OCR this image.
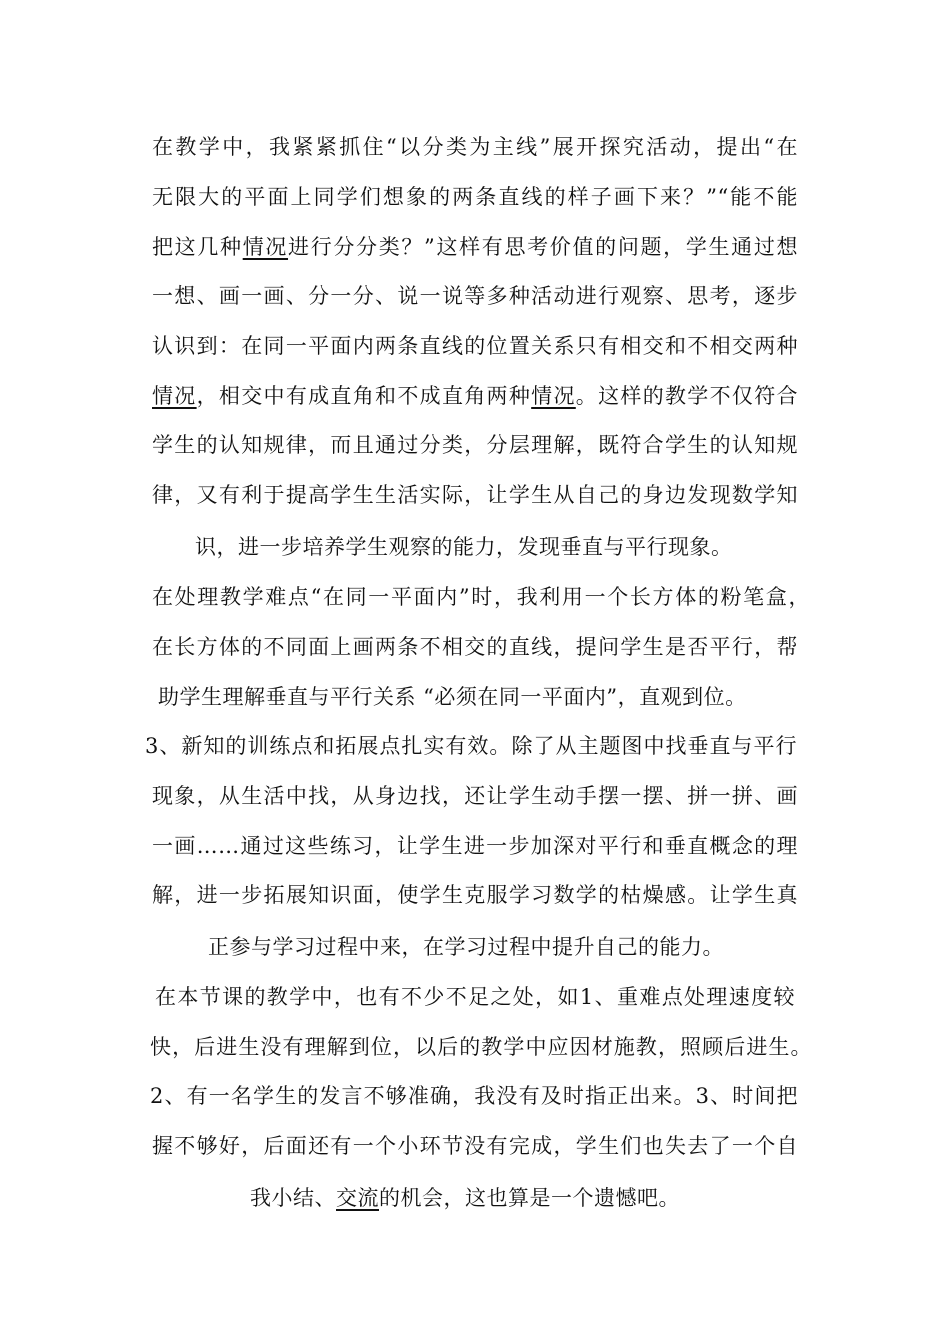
在教学中，我紧紧抓住“以分类为主线”展开探究活动，提出“在
无限大的平面上同学们想象的两条直线的样子画下来？”“能不能
把这几种情况进行分分类？”这样有思考价值的问题，学生通过想
一想、画一画、分一分、说一说等多种活动进行观察、思考，逐步
认识到：在同一平面内两条直线的位置关系只有相交和不相交两种
情况，相交中有成直角和不成直角两种情况。这样的教学不仅符合
学生的认知规律，而且通过分类，分层理解，既符合学生的认知规
律，又有利于提高学生生活实际，让学生从自己的身边发现数学知
识，进一步培养学生观察的能力，发现垂直与平行现象。
在处理教学难点“在同一平面内”时，我利用一个长方体的粉笔盒，
在长方体的不同面上画两条不相交的直线，提问学生是否平行，帮
助学生理解垂直与平行关系 “必须在同一平面内”，直观到位。
3、新知的训练点和拓展点扎实有效。除了从主题图中找垂直与平行
现象，从生活中找，从身边找，还让学生动手摆一摆、拼一拼、画
一画……通过这些练习，让学生进一步加深对平行和垂直概念的理
解，进一步拓展知识面，使学生克服学习数学的枯燥感。让学生真
正参与学习过程中来，在学习过程中提升自己的能力。
在本节课的教学中，也有不少不足之处，如1、重难点处理速度较
快，后进生没有理解到位，以后的教学中应因材施教，照顾后进生。
2、有一名学生的发言不够准确，我没有及时指正出来。3、时间把
握不够好，后面还有一个小环节没有完成，学生们也失去了一个自
我小结、交流的机会，这也算是一个遗憾吧。
